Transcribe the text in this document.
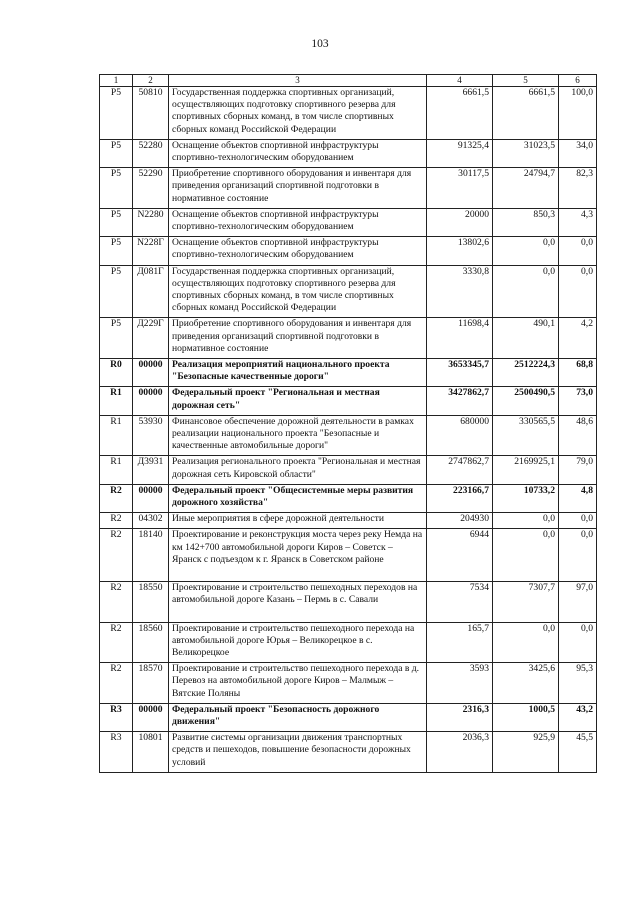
103
1	2	3	4	5	6
Р5	50810	Государственная поддержка спортивных организаций, осуществляющих подготовку спортивного резерва для спортивных сборных команд, в том числе спортивных сборных команд Российской Федерации	6661,5	6661,5	100,0
Р5	52280	Оснащение объектов спортивной инфраструктуры спортивно-технологическим оборудованием	91325,4	31023,5	34,0
Р5	52290	Приобретение спортивного оборудования и инвентаря для приведения организаций спортивной подготовки в нормативное состояние	30117,5	24794,7	82,3
Р5	N2280	Оснащение объектов спортивной инфраструктуры спортивно-технологическим оборудованием	20000	850,3	4,3
Р5	N228Г	Оснащение объектов спортивной инфраструктуры спортивно-технологическим оборудованием	13802,6	0,0	0,0
Р5	Д081Г	Государственная поддержка спортивных организаций, осуществляющих подготовку спортивного резерва для спортивных сборных команд, в том числе спортивных сборных команд Российской Федерации	3330,8	0,0	0,0
Р5	Д229Г	Приобретение спортивного оборудования и инвентаря для приведения организаций спортивной подготовки в нормативное состояние	11698,4	490,1	4,2
R0	00000	Реализация мероприятий национального проекта "Безопасные качественные дороги"	3653345,7	2512224,3	68,8
R1	00000	Федеральный проект "Региональная и местная дорожная сеть"	3427862,7	2500490,5	73,0
R1	53930	Финансовое обеспечение дорожной деятельности в рамках реализации национального проекта "Безопасные и качественные автомобильные дороги"	680000	330565,5	48,6
R1	Д3931	Реализация регионального проекта "Региональная и местная дорожная сеть Кировской области"	2747862,7	2169925,1	79,0
R2	00000	Федеральный проект "Общесистемные меры развития дорожного хозяйства"	223166,7	10733,2	4,8
R2	04302	Иные мероприятия в сфере дорожной деятельности	204930	0,0	0,0
R2	18140	Проектирование и реконструкция моста через реку Немда на км 142+700 автомобильной дороги Киров – Советск – Яранск с подъездом к г. Яранск в Советском районе	6944	0,0	0,0
R2	18550	Проектирование и строительство пешеходных переходов на автомобильной дороге Казань – Пермь в с. Савали	7534	7307,7	97,0
R2	18560	Проектирование и строительство пешеходного перехода на автомобильной дороге Юрья – Великорецкое в с. Великорецкое	165,7	0,0	0,0
R2	18570	Проектирование и строительство пешеходного перехода в д. Перевоз на автомобильной дороге Киров – Малмыж – Вятские Поляны	3593	3425,6	95,3
R3	00000	Федеральный проект "Безопасность дорожного движения"	2316,3	1000,5	43,2
R3	10801	Развитие системы организации движения транспортных средств и пешеходов, повышение безопасности дорожных условий	2036,3	925,9	45,5
